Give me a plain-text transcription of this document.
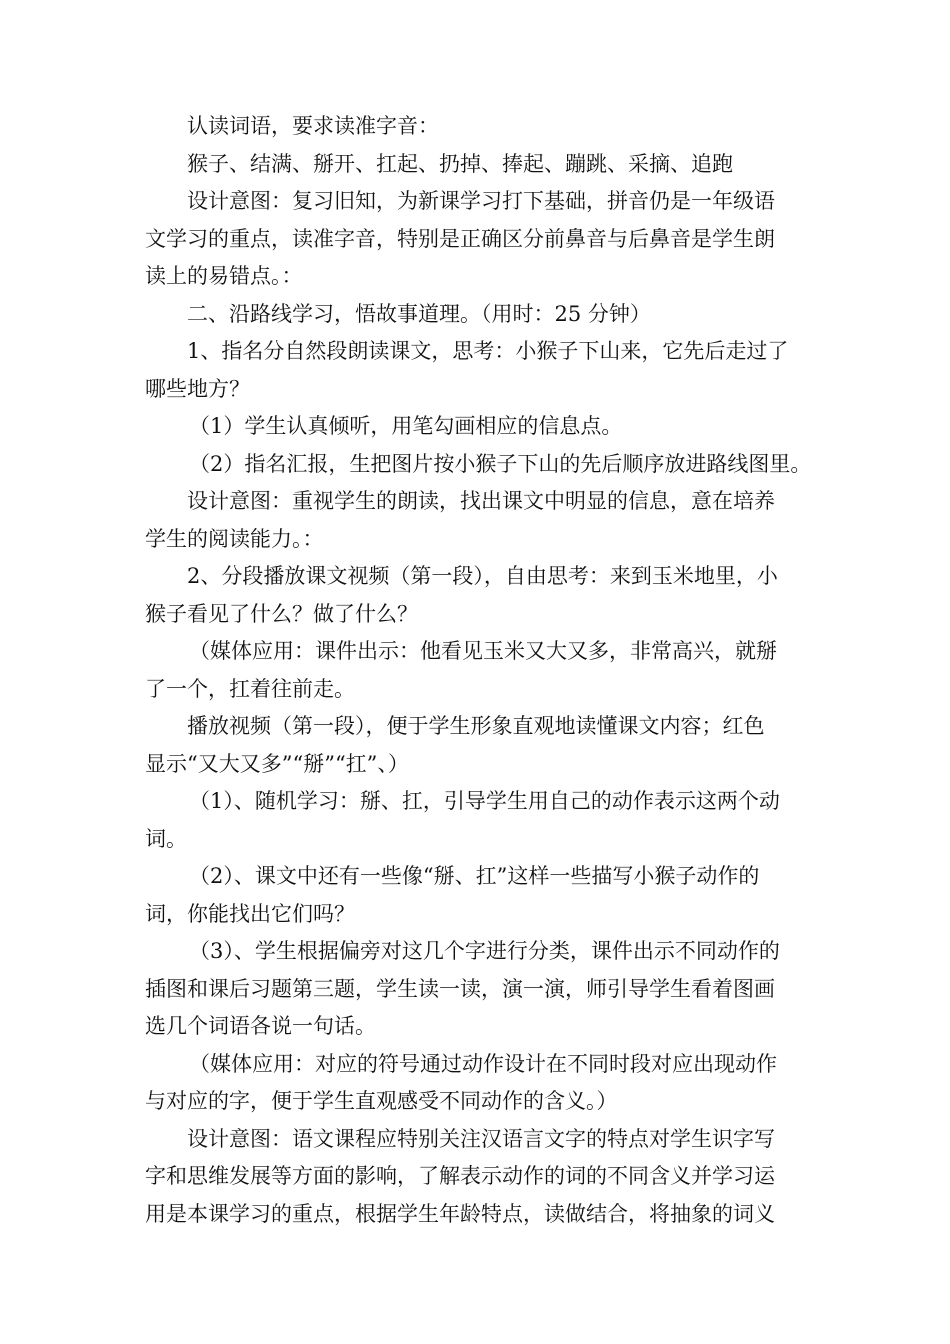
认读词语，要求读准字音：
猴子、结满、掰开、扛起、扔掉、捧起、蹦跳、采摘、追跑
设计意图：复习旧知，为新课学习打下基础，拼音仍是一年级语
文学习的重点，读准字音，特别是正确区分前鼻音与后鼻音是学生朗
读上的易错点。：
二、沿路线学习，悟故事道理。（用时：25 分钟）
1、指名分自然段朗读课文，思考：小猴子下山来，它先后走过了
哪些地方？
（1）学生认真倾听，用笔勾画相应的信息点。
（2）指名汇报，生把图片按小猴子下山的先后顺序放进路线图里。
设计意图：重视学生的朗读，找出课文中明显的信息，意在培养
学生的阅读能力。：
2、分段播放课文视频（第一段），自由思考：来到玉米地里，小
猴子看见了什么？做了什么？
（媒体应用：课件出示：他看见玉米又大又多，非常高兴，就掰
了一个，扛着往前走。
播放视频（第一段），便于学生形象直观地读懂课文内容；红色
显示“又大又多”“掰”“扛”、）
（1）、随机学习：掰、扛，引导学生用自己的动作表示这两个动
词。
（2）、课文中还有一些像“掰、扛”这样一些描写小猴子动作的
词，你能找出它们吗？
（3）、学生根据偏旁对这几个字进行分类，课件出示不同动作的
插图和课后习题第三题，学生读一读，演一演，师引导学生看着图画
选几个词语各说一句话。
（媒体应用：对应的符号通过动作设计在不同时段对应出现动作
与对应的字，便于学生直观感受不同动作的含义。）
设计意图：语文课程应特别关注汉语言文字的特点对学生识字写
字和思维发展等方面的影响，了解表示动作的词的不同含义并学习运
用是本课学习的重点，根据学生年龄特点，读做结合，将抽象的词义
